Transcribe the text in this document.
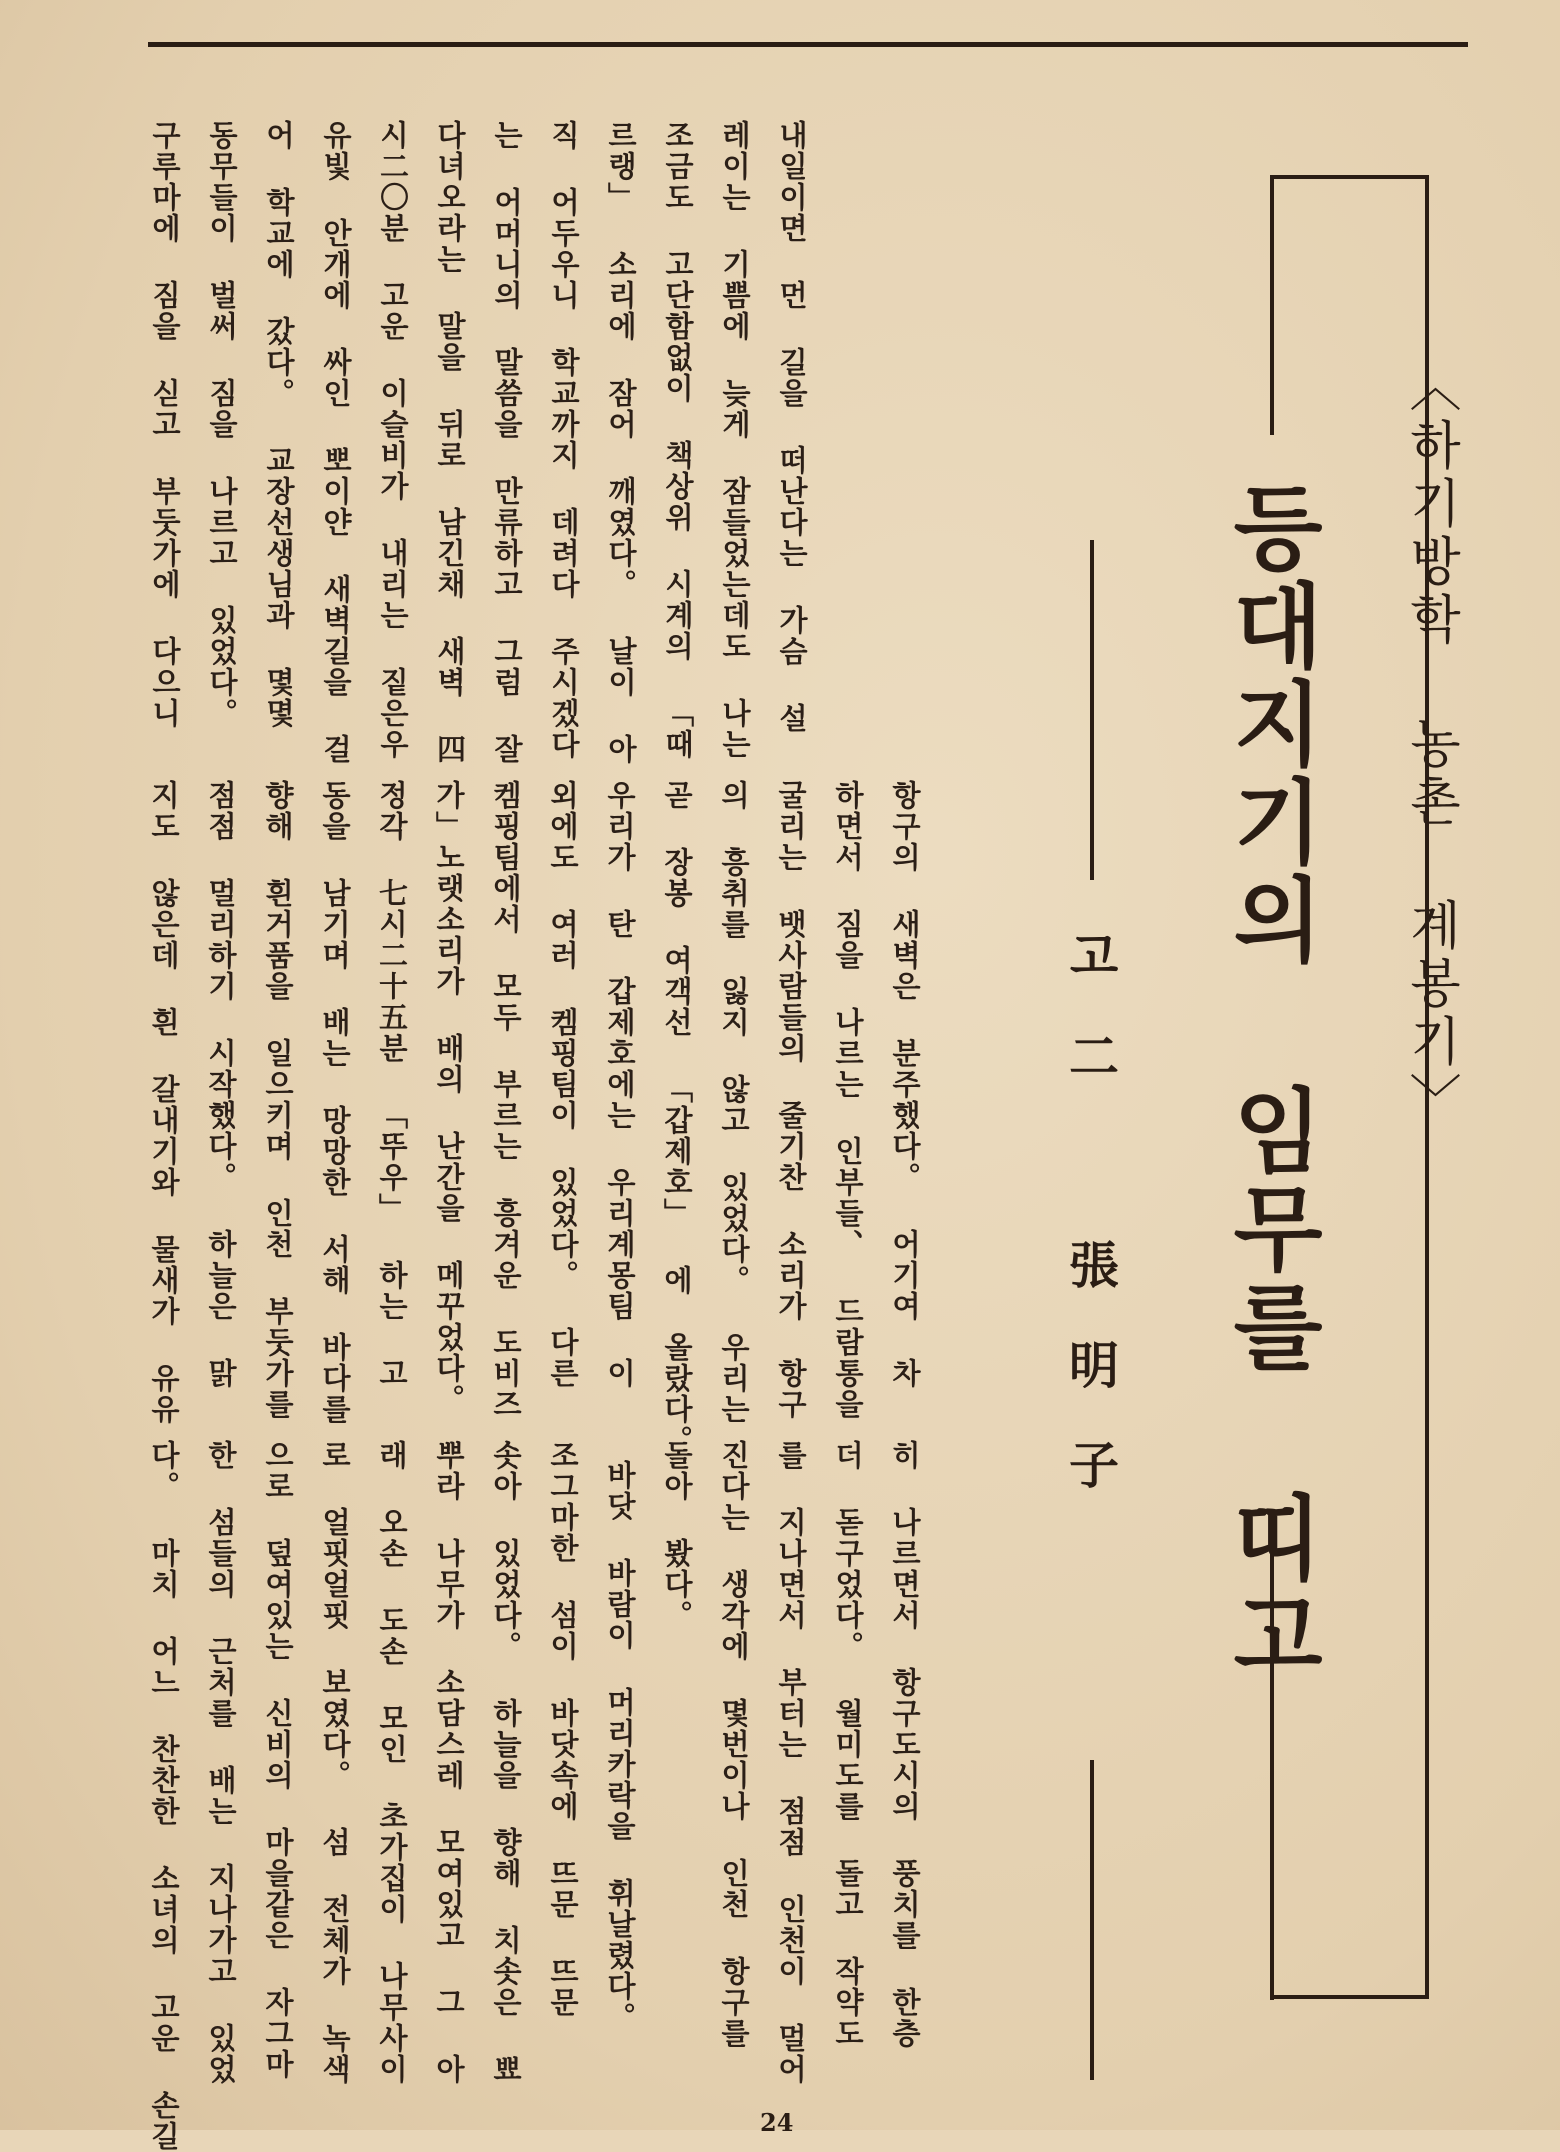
〈하기방학 농촌 계봉기〉
등대지기의 임무를 띠고
고二 張明子
내일이면 먼 길을 떠난다는 가슴 설
레이는 기쁨에 늦게 잠들었는데도 나는
조금도 고단함없이 책상위 시계의 「때
르랭」 소리에 잠어 깨였다。 날이 아
직 어두우니 학교까지 데려다 주시겠다
는 어머니의 말씀을 만류하고 그럼 잘
다녀오라는 말을 뒤로 남긴채 새벽 四
시二〇분 고운 이슬비가 내리는 짙은우
유빛 안개에 싸인 뽀이얀 새벽길을 걸
어 학교에 갔다。 교장선생님과 몇몇
동무들이 벌써 짐을 나르고 있었다。
구루마에 짐을 싣고 부둣가에 다으니
항구의 새벽은 분주했다。 어기여 차
하면서 짐을 나르는 인부들、 드람통을
굴리는 뱃사람들의 줄기찬 소리가 항구
의 흥취를 잃지 않고 있었다。 우리는
곧 장봉 여객선 「갑제호」 에 올랐다。
우리가 탄 갑제호에는 우리계몽팀 이
외에도 여러 켐핑팀이 있었다。 다른
켐핑팀에서 모두 부르는 흥겨운 도비즈
가」노랫소리가 배의 난간을 메꾸었다。
정각 七시二十五분 「뚜우」 하는 고
동을 남기며 배는 망망한 서해 바다를
향해 흰거품을 일으키며 인천 부둣가를
점점 멀리하기 시작했다。 하늘은 맑
지도 않은데 흰 갈내기와 물새가 유유
히 나르면서 항구도시의 풍치를 한층
더 돋구었다。 월미도를 돌고 작약도
를 지나면서 부터는 점점 인천이 멀어
진다는 생각에 몇번이나 인천 항구를
돌아 봤다。
바닷 바람이 머리카락을 휘날렸다。
조그마한 섬이 바닷속에 뜨문 뜨문
솟아 있었다。 하늘을 향해 치솟은 뾰
뿌라 나무가 소담스레 모여있고 그 아
래 오손 도손 모인 초가집이 나무사이
로 얼핏얼핏 보였다。 섬 전체가 녹색
으로 덮여있는 신비의 마을같은 자그마
한 섬들의 근처를 배는 지나가고 있었
다。 마치 어느 찬찬한 소녀의 고운 손길	24
